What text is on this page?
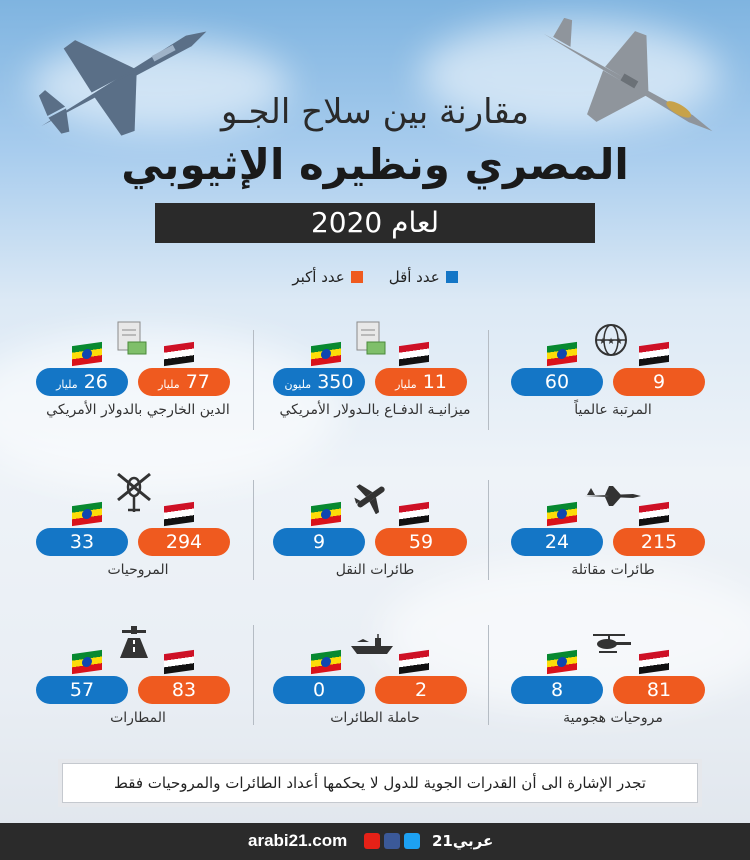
مقارنة بين سلاح الجـو
المصري ونظيره الإثيوبي
لعام 2020
عدد أقل
عدد أكبر
★★★
60	9
المرتبة عالمياً
350 مليون	11 مليار
ميزانيـة الدفـاع بالـدولار الأمريكي
26 مليار	77 مليار
الدين الخارجي بالدولار الأمريكي
24	215
طائرات مقاتلة
9	59
طائرات النقل
33	294
المروحيات
8	81
مروحيات هجومية
0	2
حاملة الطائرات
57	83
المطارات
تجدر الإشارة الى أن القدرات الجوية للدول لا يحكمها أعداد الطائرات والمروحيات فقط
arabi21.com	عربي21
